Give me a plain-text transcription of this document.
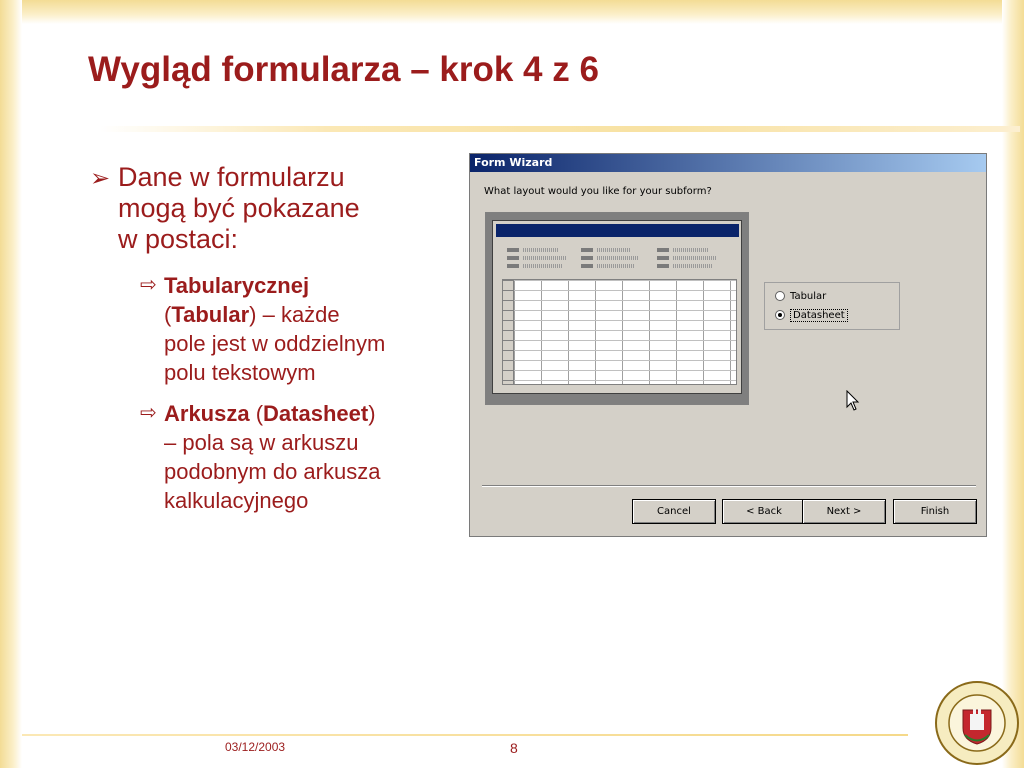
Wygląd formularza – krok 4 z 6
➢ Dane w formularzu
mogą być pokazane
w postaci:
⇨ Tabularycznej
(Tabular) – każde
pole jest w oddzielnym
polu tekstowym
⇨ Arkusza (Datasheet)
– pola są w arkuszu
podobnym do arkusza
kalkulacyjnego
Form Wizard
What layout would you like for your subform?
Tabular
Datasheet
Cancel	< Back	Next >	Finish
03/12/2003	8
